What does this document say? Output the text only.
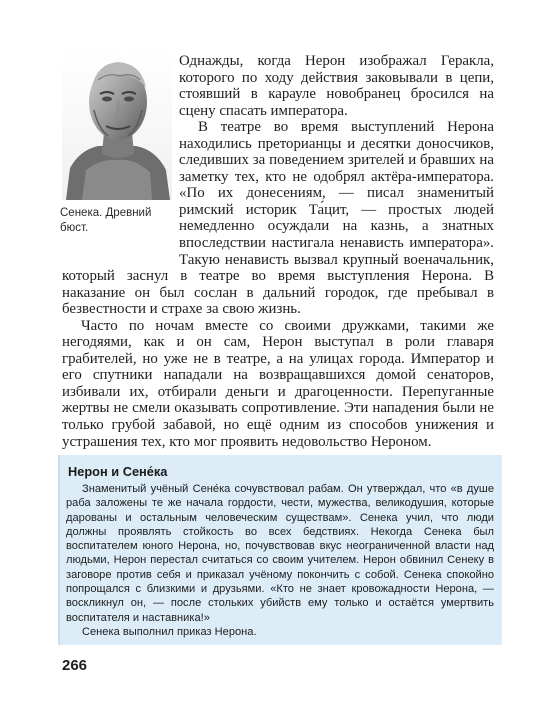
Сенека. Древний бюст.

Однажды, когда Нерон изображал Геракла, которого по ходу действия заковывали в цепи, стоявший в карауле новобранец бросился на сцену спасать императора.

В театре во время выступлений Нерона находились преторианцы и десятки доносчиков, следивших за поведением зрителей и бравших на заметку тех, кто не одобрял актёра-императора. «По их донесениям, — писал знаменитый римский историк Та́цит, — простых людей немедленно осуждали на казнь, а знатных впоследствии настигала ненависть императора». Такую ненависть вызвал крупный военачальник, который заснул в театре во время выступления Нерона. В наказание он был сослан в дальний городок, где пребывал в безвестности и страхе за свою жизнь.

Часто по ночам вместе со своими дружками, такими же негодяями, как и он сам, Нерон выступал в роли главаря грабителей, но уже не в театре, а на улицах города. Император и его спутники нападали на возвращавшихся домой сенаторов, избивали их, отбирали деньги и драгоценности. Перепуганные жертвы не смели оказывать сопротивление. Эти нападения были не только грубой забавой, но ещё одним из способов унижения и устрашения тех, кто мог проявить недовольство Нероном.

Нерон и Сене́ка

Знаменитый учёный Сене́ка сочувствовал рабам. Он утверждал, что «в душе раба заложены те же начала гордости, чести, мужества, великодушия, которые дарованы и остальным человеческим существам». Сенека учил, что люди должны проявлять стойкость во всех бедствиях. Некогда Сенека был воспитателем юного Нерона, но, почувствовав вкус неограниченной власти над людьми, Нерон перестал считаться со своим учителем. Нерон обвинил Сенеку в заговоре против себя и приказал учёному покончить с собой. Сенека спокойно попрощался с близкими и друзьями. «Кто не знает кровожадности Нерона, — воскликнул он, — после стольких убийств ему только и остаётся умертвить воспитателя и наставника!»

Сенека выполнил приказ Нерона.

266
